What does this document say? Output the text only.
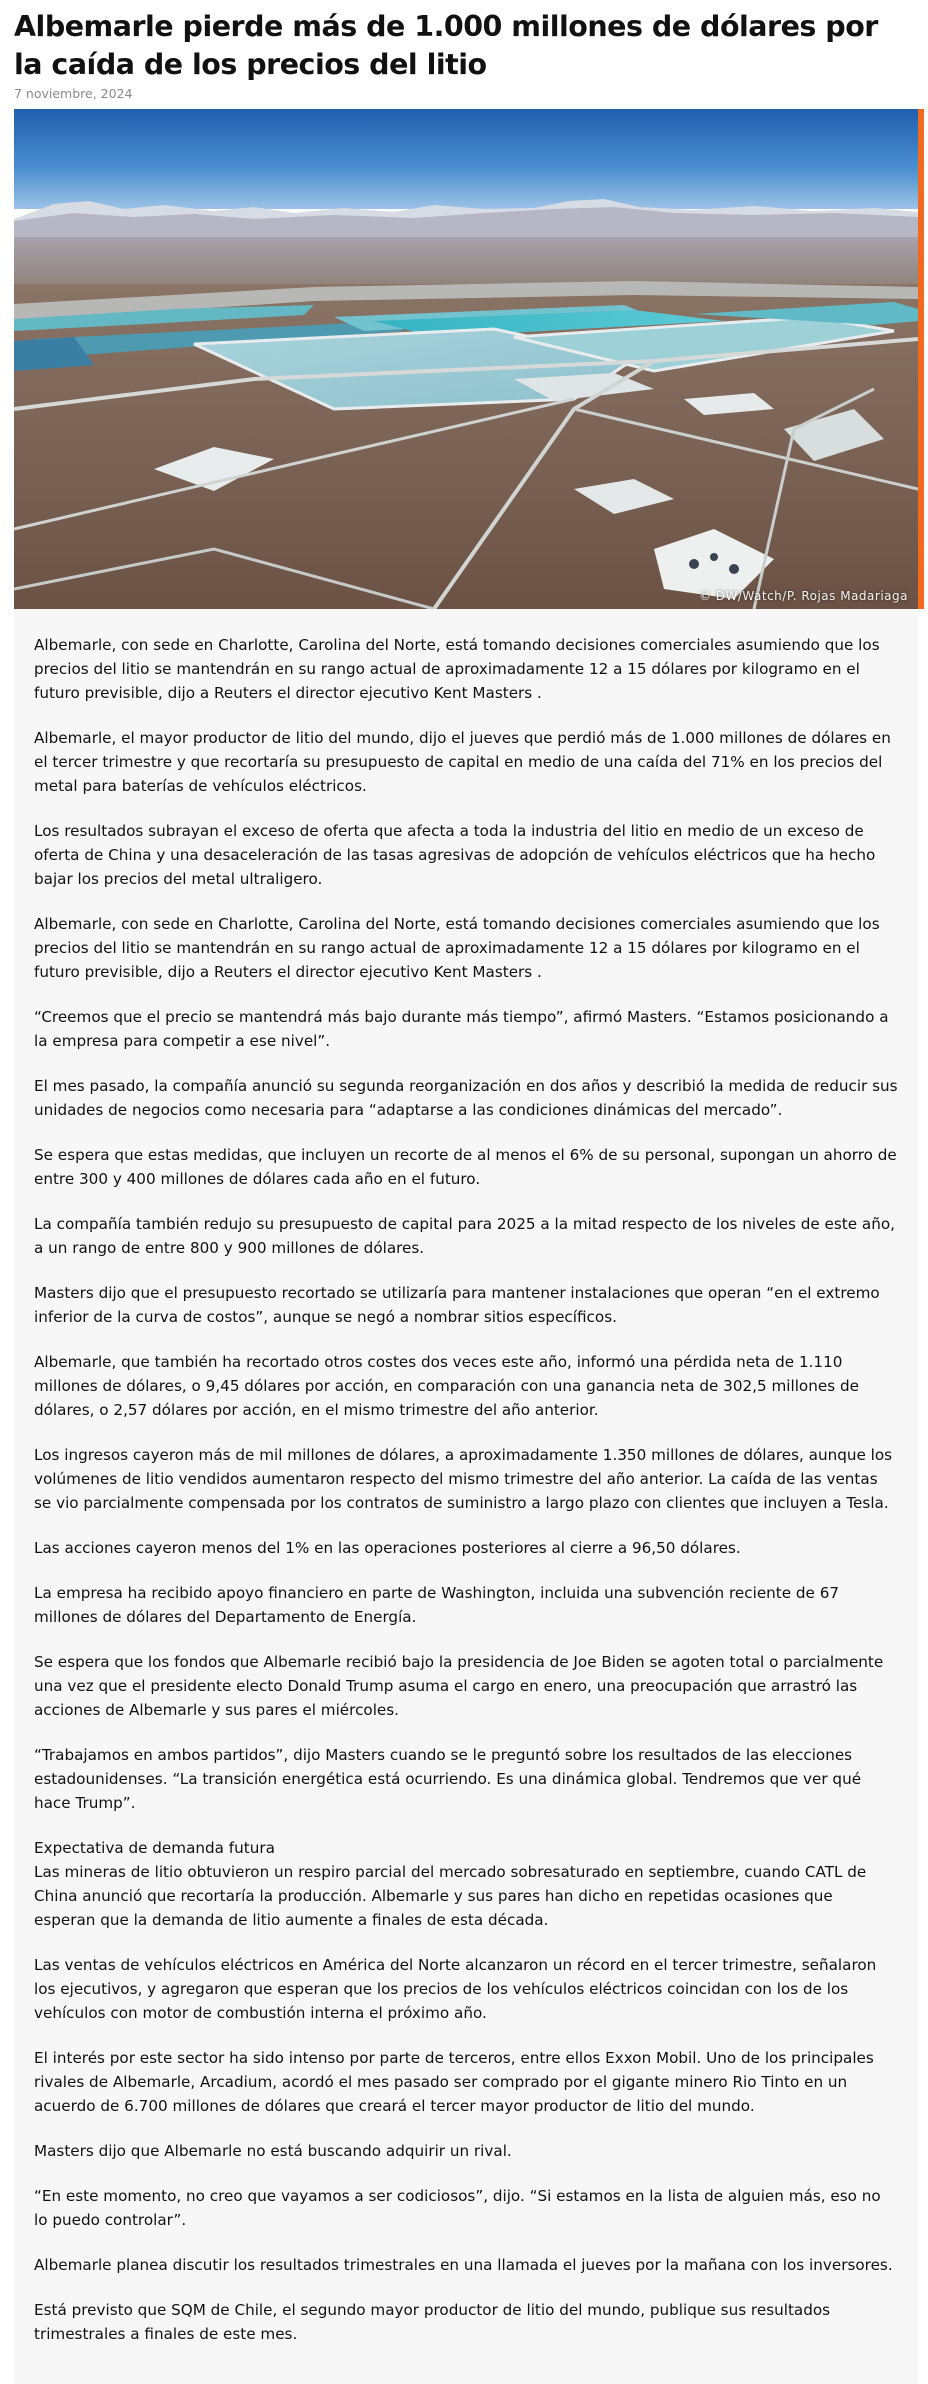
Albemarle pierde más de 1.000 millones de dólares por la caída de los precios del litio
7 noviembre, 2024
© DW/Watch/P. Rojas Madariaga

Albemarle, con sede en Charlotte, Carolina del Norte, está tomando decisiones comerciales asumiendo que los precios del litio se mantendrán en su rango actual de aproximadamente 12 a 15 dólares por kilogramo en el futuro previsible, dijo a Reuters el director ejecutivo Kent Masters .

Albemarle, el mayor productor de litio del mundo, dijo el jueves que perdió más de 1.000 millones de dólares en el tercer trimestre y que recortaría su presupuesto de capital en medio de una caída del 71% en los precios del metal para baterías de vehículos eléctricos.

Los resultados subrayan el exceso de oferta que afecta a toda la industria del litio en medio de un exceso de oferta de China y una desaceleración de las tasas agresivas de adopción de vehículos eléctricos que ha hecho bajar los precios del metal ultraligero.

Albemarle, con sede en Charlotte, Carolina del Norte, está tomando decisiones comerciales asumiendo que los precios del litio se mantendrán en su rango actual de aproximadamente 12 a 15 dólares por kilogramo en el futuro previsible, dijo a Reuters el director ejecutivo Kent Masters .

“Creemos que el precio se mantendrá más bajo durante más tiempo”, afirmó Masters. “Estamos posicionando a la empresa para competir a ese nivel”.

El mes pasado, la compañía anunció su segunda reorganización en dos años y describió la medida de reducir sus unidades de negocios como necesaria para “adaptarse a las condiciones dinámicas del mercado”.

Se espera que estas medidas, que incluyen un recorte de al menos el 6% de su personal, supongan un ahorro de entre 300 y 400 millones de dólares cada año en el futuro.

La compañía también redujo su presupuesto de capital para 2025 a la mitad respecto de los niveles de este año, a un rango de entre 800 y 900 millones de dólares.

Masters dijo que el presupuesto recortado se utilizaría para mantener instalaciones que operan “en el extremo inferior de la curva de costos”, aunque se negó a nombrar sitios específicos.

Albemarle, que también ha recortado otros costes dos veces este año, informó una pérdida neta de 1.110 millones de dólares, o 9,45 dólares por acción, en comparación con una ganancia neta de 302,5 millones de dólares, o 2,57 dólares por acción, en el mismo trimestre del año anterior.

Los ingresos cayeron más de mil millones de dólares, a aproximadamente 1.350 millones de dólares, aunque los volúmenes de litio vendidos aumentaron respecto del mismo trimestre del año anterior. La caída de las ventas se vio parcialmente compensada por los contratos de suministro a largo plazo con clientes que incluyen a Tesla.

Las acciones cayeron menos del 1% en las operaciones posteriores al cierre a 96,50 dólares.

La empresa ha recibido apoyo financiero en parte de Washington, incluida una subvención reciente de 67 millones de dólares del Departamento de Energía.

Se espera que los fondos que Albemarle recibió bajo la presidencia de Joe Biden se agoten total o parcialmente una vez que el presidente electo Donald Trump asuma el cargo en enero, una preocupación que arrastró las acciones de Albemarle y sus pares el miércoles.

“Trabajamos en ambos partidos”, dijo Masters cuando se le preguntó sobre los resultados de las elecciones estadounidenses. “La transición energética está ocurriendo. Es una dinámica global. Tendremos que ver qué hace Trump”.

Expectativa de demanda futura

Las mineras de litio obtuvieron un respiro parcial del mercado sobresaturado en septiembre, cuando CATL de China anunció que recortaría la producción. Albemarle y sus pares han dicho en repetidas ocasiones que esperan que la demanda de litio aumente a finales de esta década.

Las ventas de vehículos eléctricos en América del Norte alcanzaron un récord en el tercer trimestre, señalaron los ejecutivos, y agregaron que esperan que los precios de los vehículos eléctricos coincidan con los de los vehículos con motor de combustión interna el próximo año.

El interés por este sector ha sido intenso por parte de terceros, entre ellos Exxon Mobil. Uno de los principales rivales de Albemarle, Arcadium, acordó el mes pasado ser comprado por el gigante minero Rio Tinto en un acuerdo de 6.700 millones de dólares que creará el tercer mayor productor de litio del mundo.

Masters dijo que Albemarle no está buscando adquirir un rival.

“En este momento, no creo que vayamos a ser codiciosos”, dijo. “Si estamos en la lista de alguien más, eso no lo puedo controlar”.

Albemarle planea discutir los resultados trimestrales en una llamada el jueves por la mañana con los inversores.

Está previsto que SQM de Chile, el segundo mayor productor de litio del mundo, publique sus resultados trimestrales a finales de este mes.
